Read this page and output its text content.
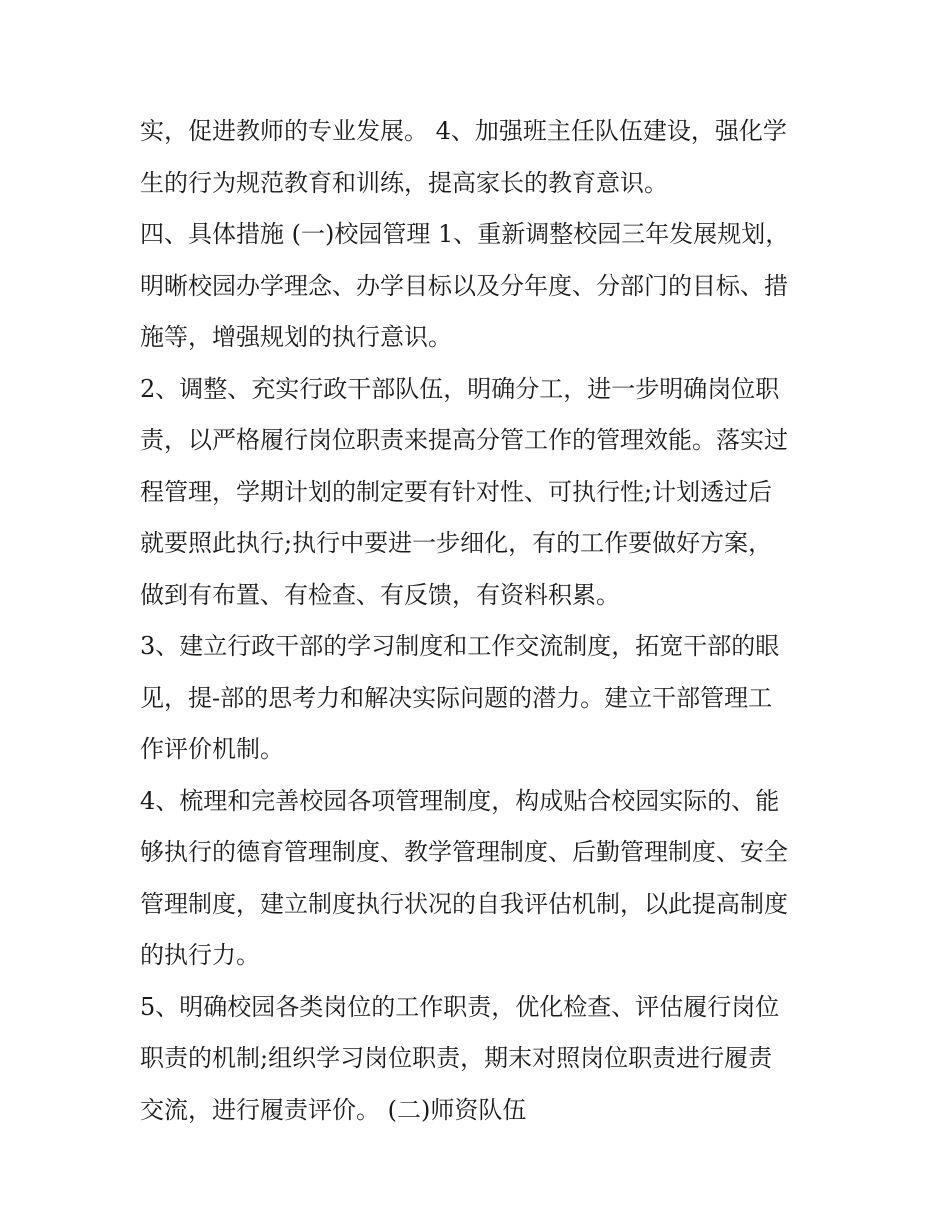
实，促进教师的专业发展。 4、加强班主任队伍建设，强化学
生的行为规范教育和训练，提高家长的教育意识。
四、具体措施 (一)校园管理 1、重新调整校园三年发展规划，
明晰校园办学理念、办学目标以及分年度、分部门的目标、措
施等，增强规划的执行意识。
2、调整、充实行政干部队伍，明确分工，进一步明确岗位职
责，以严格履行岗位职责来提高分管工作的管理效能。落实过
程管理，学期计划的制定要有针对性、可执行性;计划透过后
就要照此执行;执行中要进一步细化，有的工作要做好方案，
做到有布置、有检查、有反馈，有资料积累。
3、建立行政干部的学习制度和工作交流制度，拓宽干部的眼
见，提-部的思考力和解决实际问题的潜力。建立干部管理工
作评价机制。
4、梳理和完善校园各项管理制度，构成贴合校园实际的、能
够执行的德育管理制度、教学管理制度、后勤管理制度、安全
管理制度，建立制度执行状况的自我评估机制，以此提高制度
的执行力。
5、明确校园各类岗位的工作职责，优化检查、评估履行岗位
职责的机制;组织学习岗位职责，期末对照岗位职责进行履责
交流，进行履责评价。 (二)师资队伍
